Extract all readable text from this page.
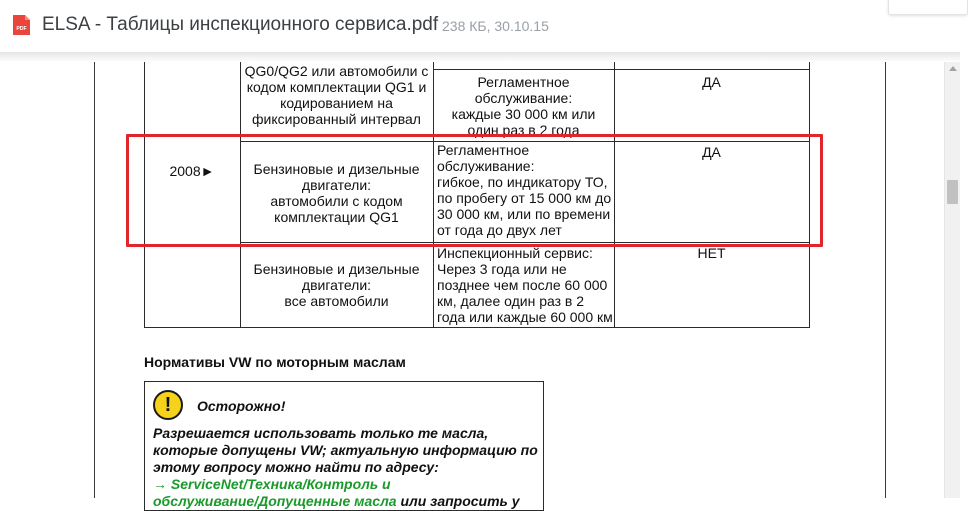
PDF ELSA - Таблицы инспекционного сервиса.pdf 238 КБ, 30.10.15
QG0/QG2 или автомобили с
кодом комплектации QG1 и
кодированием на
фиксированный интервал
Регламентное
обслуживание:
каждые 30 000 км или
один раз в 2 года
ДА
2008►	Бензиновые и дизельные
двигатели:
автомобили с кодом
комплектации QG1
Регламентное
обслуживание:
гибкое, по индикатору ТО,
по пробегу от 15 000 км до
30 000 км, или по времени
от года до двух лет
ДА
Бензиновые и дизельные
двигатели:
все автомобили
Инспекционный сервис:
Через 3 года или не
позднее чем после 60 000
км, далее один раз в 2
года или каждые 60 000 км
НЕТ
Нормативы VW по моторным маслам
!	Осторожно!
Разрешается использовать только те масла,
которые допущены VW; актуальную информацию по
этому вопросу можно найти по адресу:
→ ServiceNet/Техника/Контроль и
обслуживание/Допущенные масла или запросить у
